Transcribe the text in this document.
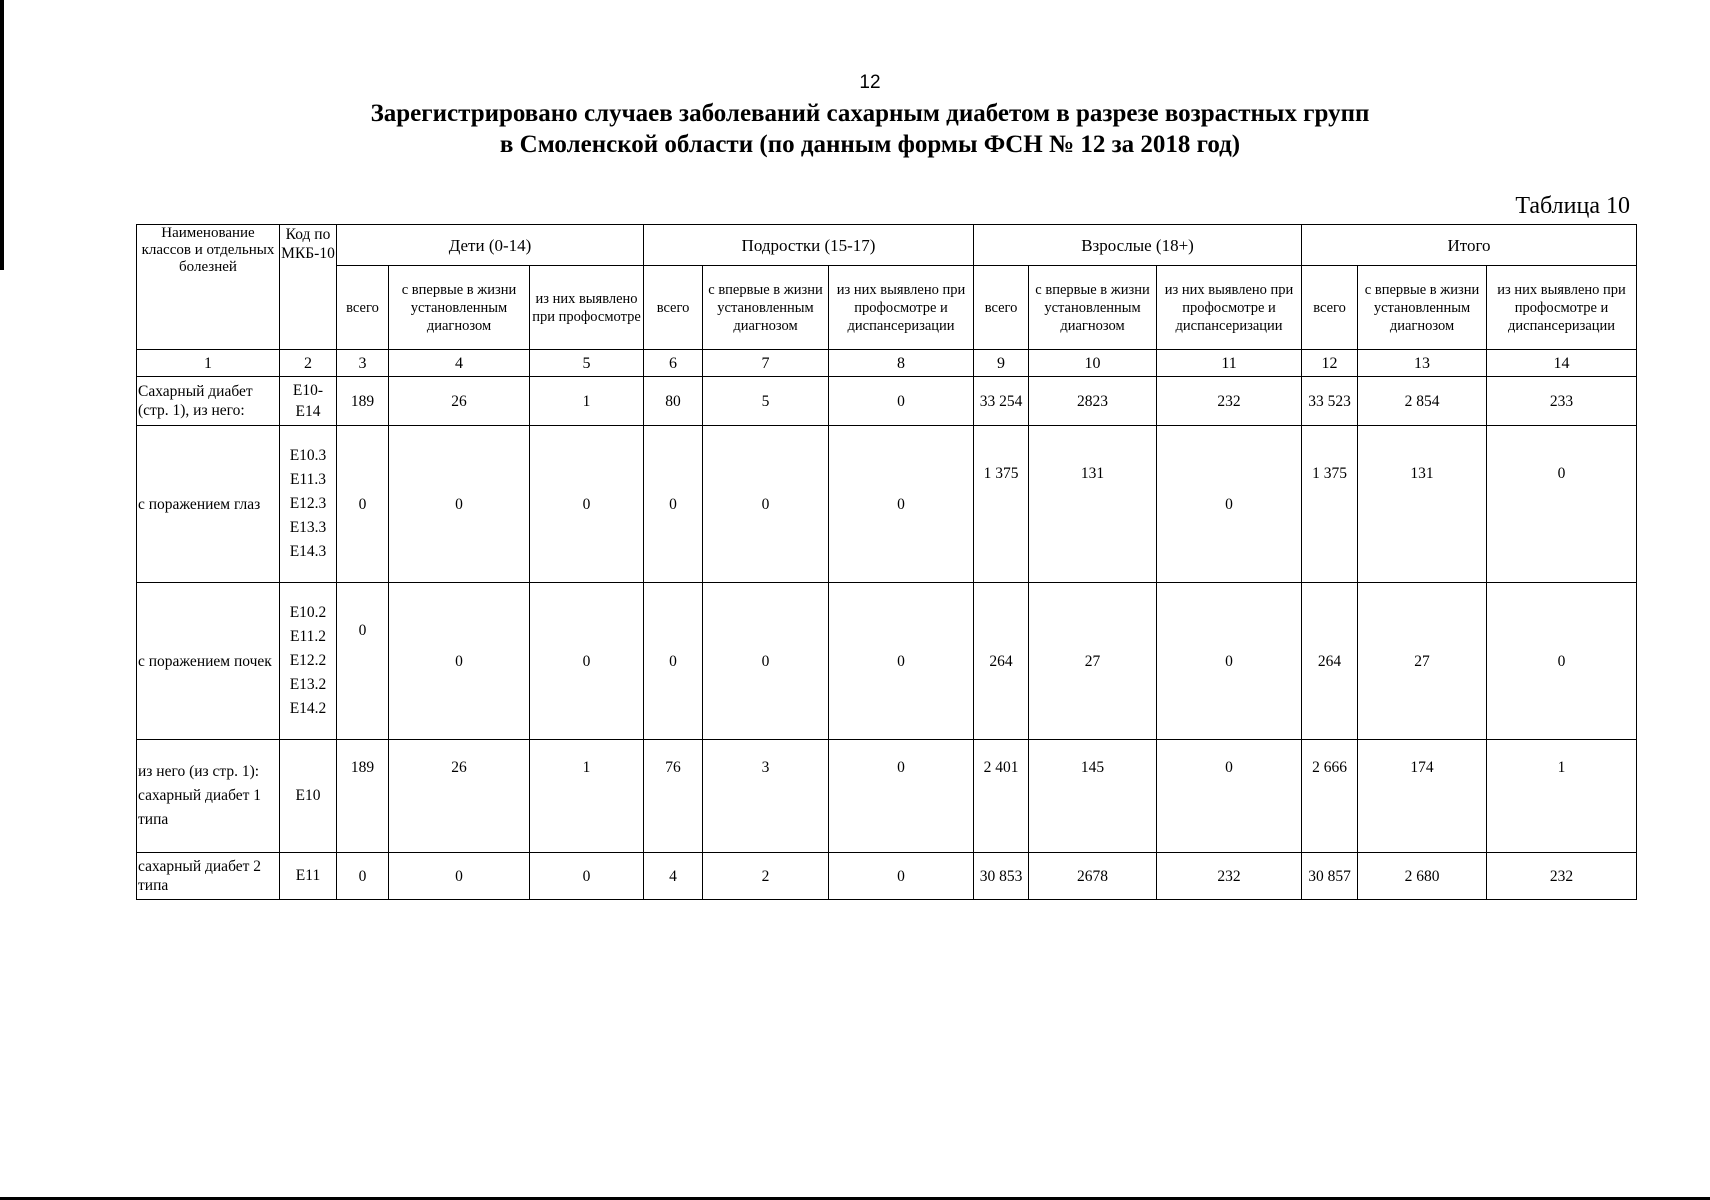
12
Зарегистрировано случаев заболеваний сахарным диабетом в разрезе возрастных групп
в Смоленской области (по данным формы ФСН № 12 за 2018 год)
Таблица 10
Наименование классов и отдельных болезней	Код по МКБ-10	Дети (0-14)			Подростки (15-17)			Взрослые (18+)			Итого		
		всего	с впервые в жизни установленным диагнозом	из них выявлено при профосмотре	всего	с впервые в жизни установленным диагнозом	из них выявлено при профосмотре и диспансеризации	всего	с впервые в жизни установленным диагнозом	из них выявлено при профосмотре и диспансеризации	всего	с впервые в жизни установленным диагнозом	из них выявлено при профосмотре и диспансеризации
1	2	3	4	5	6	7	8	9	10	11	12	13	14
Сахарный диабет (стр. 1), из него:	Е10-Е14	189	26	1	80	5	0	33 254	2823	232	33 523	2 854	233
с поражением глаз	Е10.3 Е11.3 Е12.3 Е13.3 Е14.3	0	0	0	0	0	0	1 375	131	0	1 375	131	0
с поражением почек	Е10.2 Е11.2 Е12.2 Е13.2 Е14.2	0	0	0	0	0	0	264	27	0	264	27	0
из него (из стр. 1): сахарный диабет 1 типа	Е10	189	26	1	76	3	0	2 401	145	0	2 666	174	1
сахарный диабет 2 типа	Е11	0	0	0	4	2	0	30 853	2678	232	30 857	2 680	232
